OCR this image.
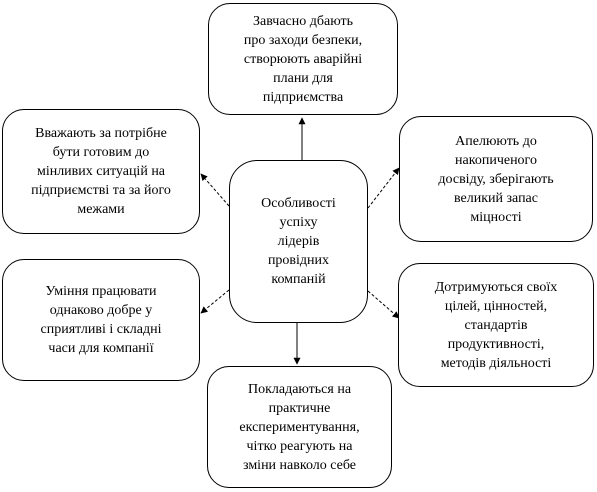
Особливості
успіху
лідерів
провідних
компаній
Завчасно дбають
про заходи безпеки,
створюють аварійні
плани для
підприємства
Вважають за потрібне
бути готовим до
мінливих ситуацій на
підприємстві та за його
межами
Апелюють до
накопиченого
досвіду, зберігають
великий запас
міцності
Уміння працювати
однаково добре у
сприятливі і складні
часи для компанії
Дотримуються своїх
цілей, цінностей,
стандартів
продуктивності,
методів діяльності
Покладаються на
практичне
експериментування,
чітко реагують на
зміни навколо себе
